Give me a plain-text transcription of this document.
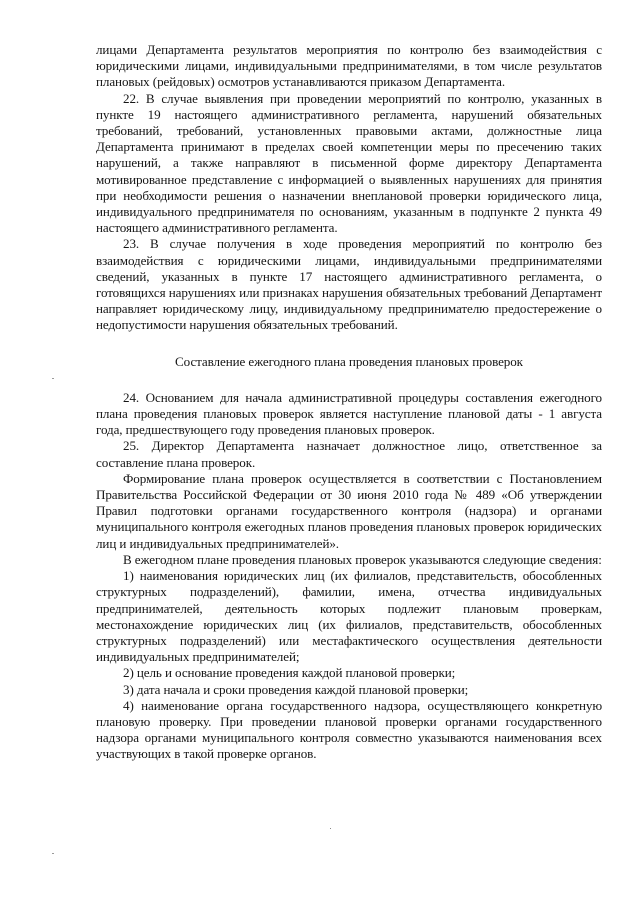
лицами Департамента результатов мероприятия по контролю без взаимодействия с юридическими лицами, индивидуальными предпринимателями, в том числе результатов плановых (рейдовых) осмотров устанавливаются приказом Департамента.

22. В случае выявления при проведении мероприятий по контролю, указанных в пункте 19 настоящего административного регламента, нарушений обязательных требований, требований, установленных правовыми актами, должностные лица Департамента принимают в пределах своей компетенции меры по пресечению таких нарушений, а также направляют в письменной форме директору Департамента мотивированное представление с информацией о выявленных нарушениях для принятия при необходимости решения о назначении внеплановой проверки юридического лица, индивидуального предпринимателя по основаниям, указанным в подпункте 2 пункта 49 настоящего административного регламента.

23. В случае получения в ходе проведения мероприятий по контролю без взаимодействия с юридическими лицами, индивидуальными предпринимателями сведений, указанных в пункте 17 настоящего административного регламента, о готовящихся нарушениях или признаках нарушения обязательных требований Департамент направляет юридическому лицу, индивидуальному предпринимателю предостережение о недопустимости нарушения обязательных требований.

Составление ежегодного плана проведения плановых проверок

24. Основанием для начала административной процедуры составления ежегодного плана проведения плановых проверок является наступление плановой даты - 1 августа года, предшествующего году проведения плановых проверок.

25. Директор Департамента назначает должностное лицо, ответственное за составление плана проверок.

Формирование плана проверок осуществляется в соответствии с Постановлением Правительства Российской Федерации от 30 июня 2010 года № 489 «Об утверждении Правил подготовки органами государственного контроля (надзора) и органами муниципального контроля ежегодных планов проведения плановых проверок юридических лиц и индивидуальных предпринимателей».

В ежегодном плане проведения плановых проверок указываются следующие сведения:

1) наименования юридических лиц (их филиалов, представительств, обособленных структурных подразделений), фамилии, имена, отчества индивидуальных предпринимателей, деятельность которых подлежит плановым проверкам, местонахождение юридических лиц (их филиалов, представительств, обособленных структурных подразделений) или местафактического осуществления деятельности индивидуальных предпринимателей;

2) цель и основание проведения каждой плановой проверки;

3) дата начала и сроки проведения каждой плановой проверки;

4) наименование органа государственного надзора, осуществляющего конкретную плановую проверку. При проведении плановой проверки органами государственного надзора органами муниципального контроля совместно указываются наименования всех участвующих в такой проверке органов.
